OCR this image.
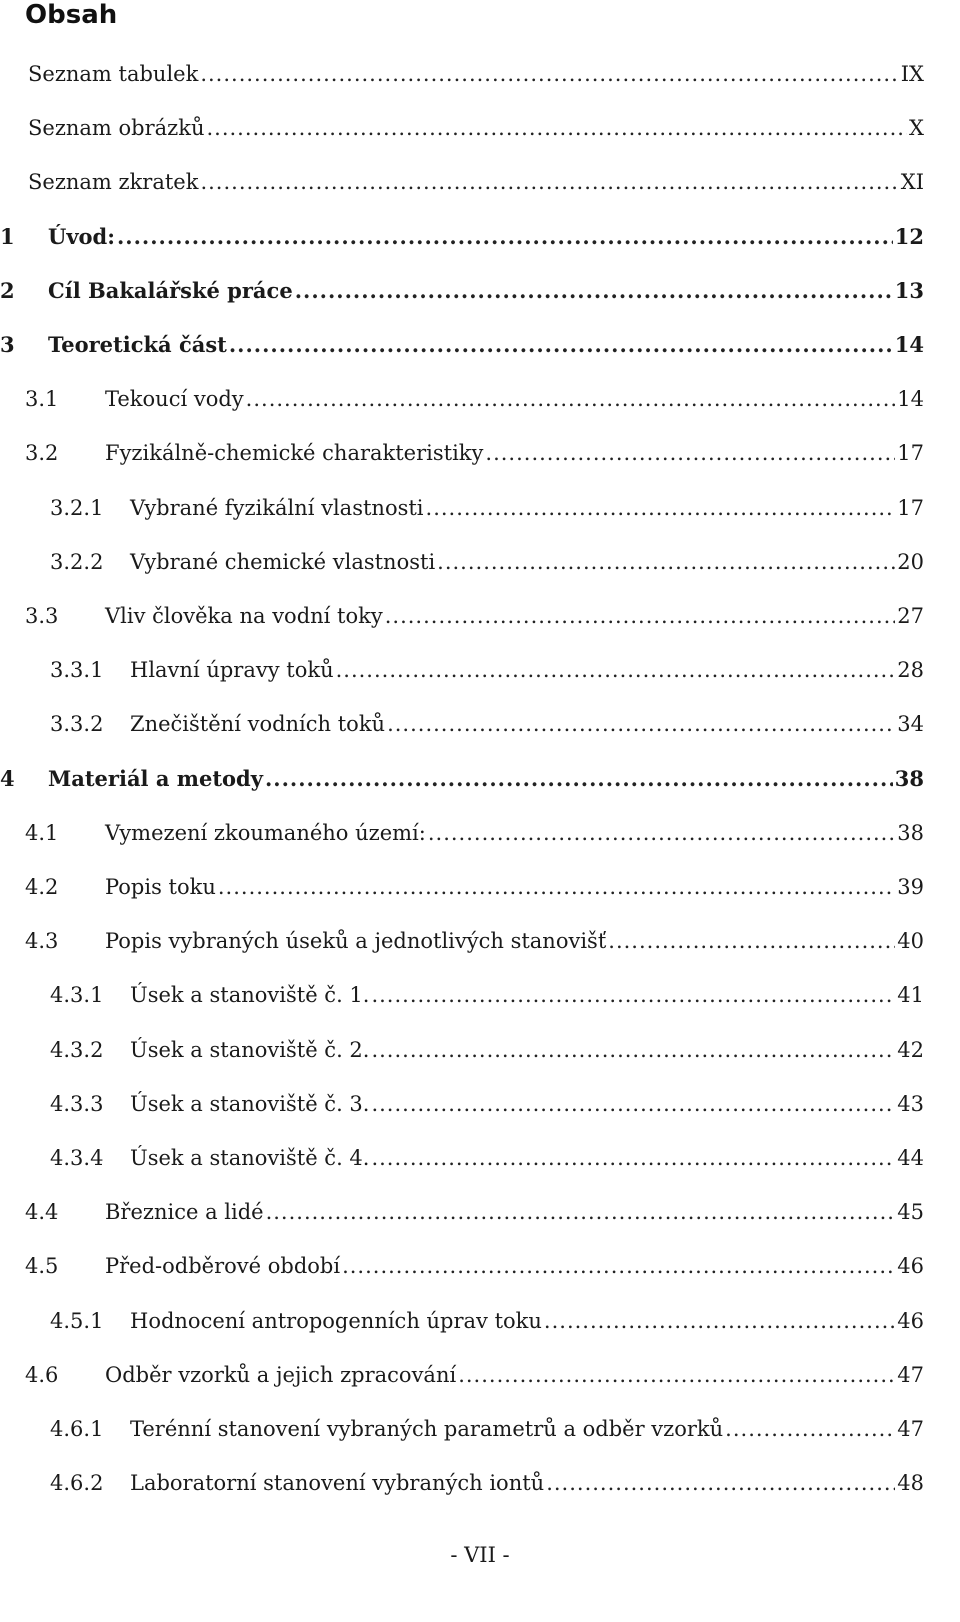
Obsah
Seznam tabulek .....	IX
Seznam obrázků .....	X
Seznam zkratek .....	XI
1	Úvod: .....	12
2	Cíl Bakalářské práce .....	13
3	Teoretická část .....	14
3.1	Tekoucí vody .....	14
3.2	Fyzikálně-chemické charakteristiky .....	17
3.2.1	Vybrané fyzikální vlastnosti .....	17
3.2.2	Vybrané chemické vlastnosti .....	20
3.3	Vliv člověka na vodní toky .....	27
3.3.1	Hlavní úpravy toků .....	28
3.3.2	Znečištění vodních toků .....	34
4	Materiál a metody .....	38
4.1	Vymezení zkoumaného území: .....	38
4.2	Popis toku .....	39
4.3	Popis vybraných úseků a jednotlivých stanovišť .....	40
4.3.1	Úsek a stanoviště č. 1. .....	41
4.3.2	Úsek a stanoviště č. 2. .....	42
4.3.3	Úsek a stanoviště č. 3. .....	43
4.3.4	Úsek a stanoviště č. 4. .....	44
4.4	Březnice a lidé .....	45
4.5	Před-odběrové období .....	46
4.5.1	Hodnocení antropogenních úprav toku .....	46
4.6	Odběr vzorků a jejich zpracování .....	47
4.6.1	Terénní stanovení vybraných parametrů a odběr vzorků .....	47
4.6.2	Laboratorní stanovení vybraných iontů .....	48
- VII -
